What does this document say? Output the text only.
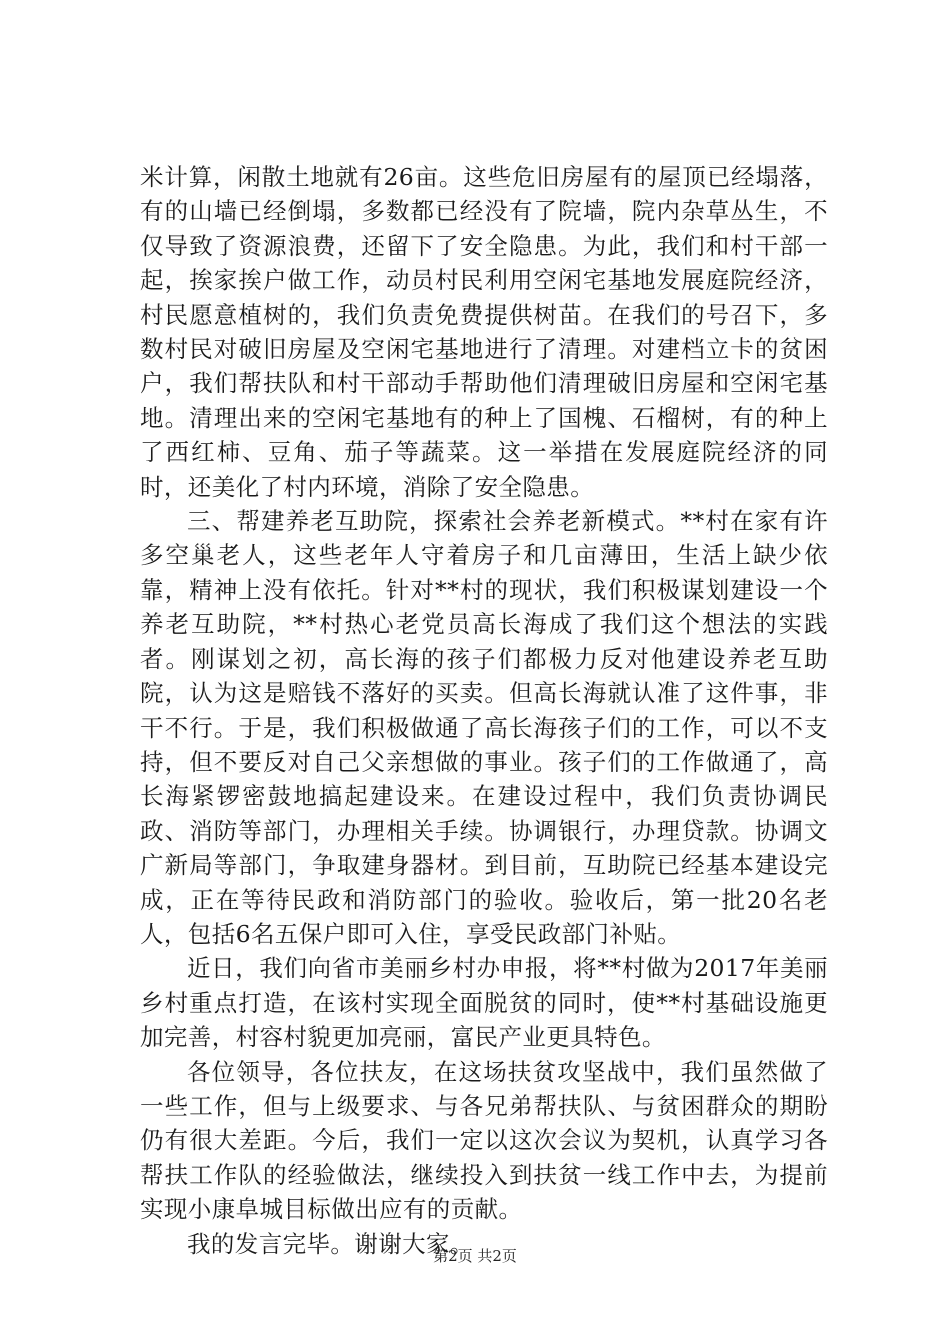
米计算，闲散土地就有26亩。这些危旧房屋有的屋顶已经塌落，有的山墙已经倒塌，多数都已经没有了院墙，院内杂草丛生，不仅导致了资源浪费，还留下了安全隐患。为此，我们和村干部一起，挨家挨户做工作，动员村民利用空闲宅基地发展庭院经济，村民愿意植树的，我们负责免费提供树苗。在我们的号召下，多数村民对破旧房屋及空闲宅基地进行了清理。对建档立卡的贫困户，我们帮扶队和村干部动手帮助他们清理破旧房屋和空闲宅基地。清理出来的空闲宅基地有的种上了国槐、石榴树，有的种上了西红柿、豆角、茄子等蔬菜。这一举措在发展庭院经济的同时，还美化了村内环境，消除了安全隐患。

三、帮建养老互助院，探索社会养老新模式。**村在家有许多空巢老人，这些老年人守着房子和几亩薄田，生活上缺少依靠，精神上没有依托。针对**村的现状，我们积极谋划建设一个养老互助院，**村热心老党员高长海成了我们这个想法的实践者。刚谋划之初，高长海的孩子们都极力反对他建设养老互助院，认为这是赔钱不落好的买卖。但高长海就认准了这件事，非干不行。于是，我们积极做通了高长海孩子们的工作，可以不支持，但不要反对自己父亲想做的事业。孩子们的工作做通了，高长海紧锣密鼓地搞起建设来。在建设过程中，我们负责协调民政、消防等部门，办理相关手续。协调银行，办理贷款。协调文广新局等部门，争取建身器材。到目前，互助院已经基本建设完成，正在等待民政和消防部门的验收。验收后，第一批20名老人，包括6名五保户即可入住，享受民政部门补贴。

近日，我们向省市美丽乡村办申报，将**村做为2017年美丽乡村重点打造，在该村实现全面脱贫的同时，使**村基础设施更加完善，村容村貌更加亮丽，富民产业更具特色。

各位领导，各位扶友，在这场扶贫攻坚战中，我们虽然做了一些工作，但与上级要求、与各兄弟帮扶队、与贫困群众的期盼仍有很大差距。今后，我们一定以这次会议为契机，认真学习各帮扶工作队的经验做法，继续投入到扶贫一线工作中去，为提前实现小康阜城目标做出应有的贡献。

我的发言完毕。谢谢大家。

第2页 共2页
